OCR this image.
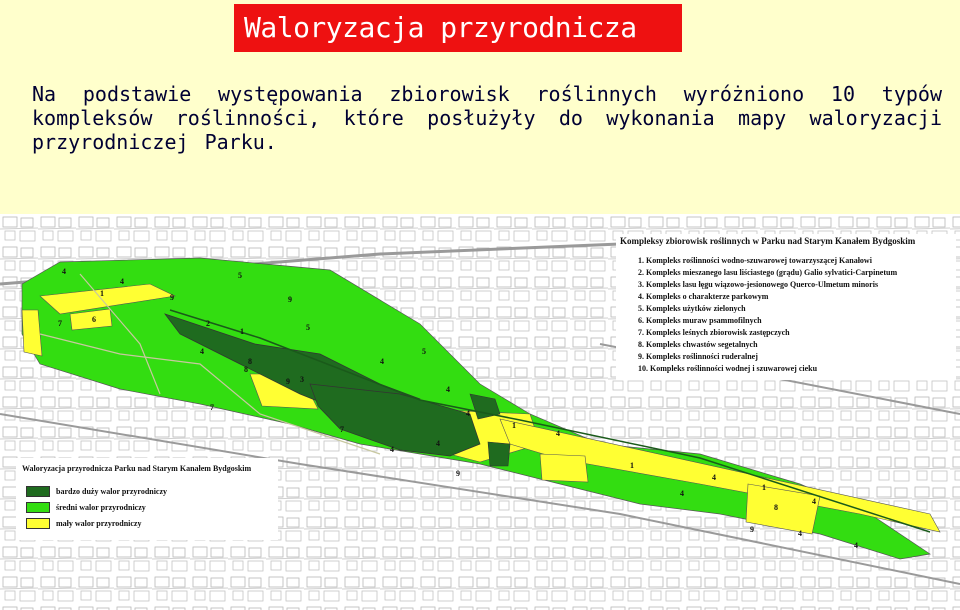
Waloryzacja przyrodnicza
Na podstawie występowania zbiorowisk roślinnych wyróżniono 10 typów kompleksów roślinności, które posłużyły do wykonania mapy waloryzacji przyrodniczej Parku.
4
1
5
9
7	6
8
3
2
1
4
5
9
4
7
4
8
9
4
4
1
4
5
7
9
4
4
1
8
4
4
1
4
9	4
4
Kompleksy zbiorowisk roślinnych w Parku nad Starym Kanałem Bydgoskim
1. Kompleks roślinności wodno-szuwarowej towarzyszącej Kanałowi
2. Kompleks mieszanego lasu liściastego (grądu) Galio sylvatici-Carpinetum
3. Kompleks lasu łęgu wiązowo-jesionowego Querco-Ulmetum minoris
4. Kompleks o charakterze parkowym
5. Kompleks użytków zielonych
6. Kompleks muraw psammofilnych
7. Kompleks leśnych zbiorowisk zastępczych
8. Kompleks chwastów segetalnych
9. Kompleks roślinności ruderalnej
10. Kompleks roślinności wodnej i szuwarowej cieku
Waloryzacja przyrodnicza Parku nad Starym Kanałem Bydgoskim
bardzo duży walor przyrodniczy
średni walor przyrodniczy
mały walor przyrodniczy
